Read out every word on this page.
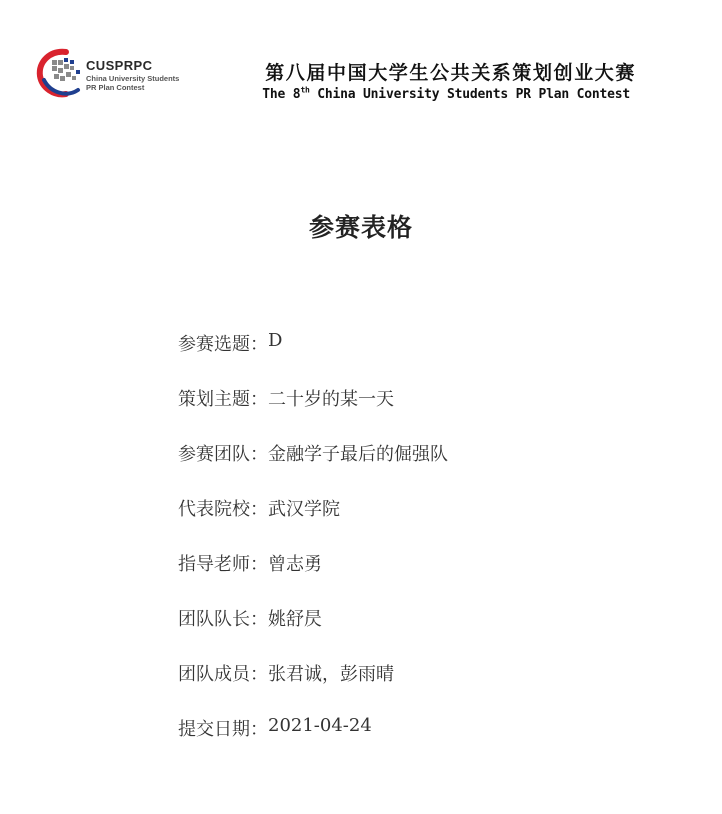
CUSPRPC
China University Students
PR Plan Contest
第八届中国大学生公共关系策划创业大赛
The 8th China University Students PR Plan Contest
参赛表格
参赛选题：D
策划主题：二十岁的某一天
参赛团队：金融学子最后的倔强队
代表院校：武汉学院
指导老师：曾志勇
团队队长：姚舒昃
团队成员：张君诚，彭雨晴
提交日期：2021-04-24
